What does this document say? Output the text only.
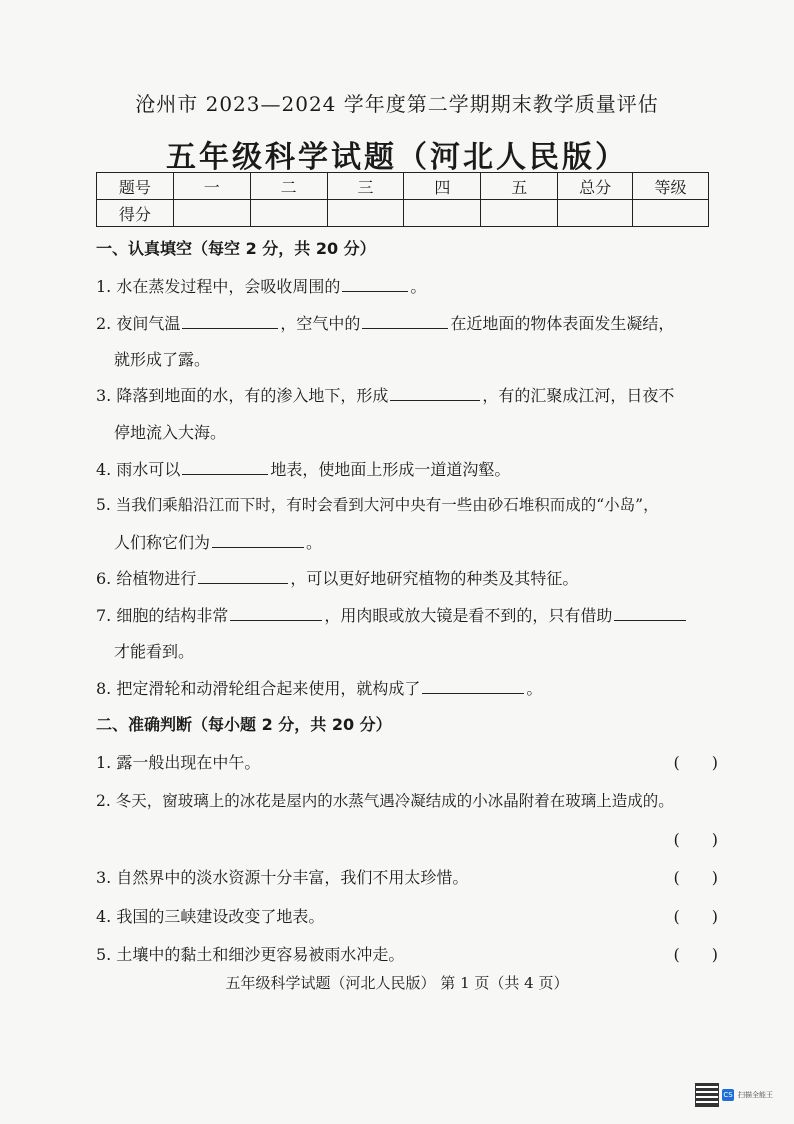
沧州市 2023—2024 学年度第二学期期末教学质量评估
五年级科学试题（河北人民版）
题号	一	二	三	四	五	总分	等级
得分							
一、认真填空（每空 2 分，共 20 分）
1. 水在蒸发过程中，会吸收周围的	。
2. 夜间气温	，空气中的	在近地面的物体表面发生凝结，
就形成了露。
3. 降落到地面的水，有的渗入地下，形成	，有的汇聚成江河，日夜不
停地流入大海。
4. 雨水可以	地表，使地面上形成一道道沟壑。
5. 当我们乘船沿江而下时，有时会看到大河中央有一些由砂石堆积而成的“小岛”，
人们称它们为	。
6. 给植物进行	，可以更好地研究植物的种类及其特征。
7. 细胞的结构非常	，用肉眼或放大镜是看不到的，只有借助
才能看到。
8. 把定滑轮和动滑轮组合起来使用，就构成了	。
二、准确判断（每小题 2 分，共 20 分）
1. 露一般出现在中午。	(　　)
2. 冬天，窗玻璃上的冰花是屋内的水蒸气遇冷凝结成的小冰晶附着在玻璃上造成的。
(　　)
3. 自然界中的淡水资源十分丰富，我们不用太珍惜。	(　　)
4. 我国的三峡建设改变了地表。	(　　)
5. 土壤中的黏土和细沙更容易被雨水冲走。	(　　)
五年级科学试题（河北人民版） 第 1 页（共 4 页）
CS 扫描全能王
